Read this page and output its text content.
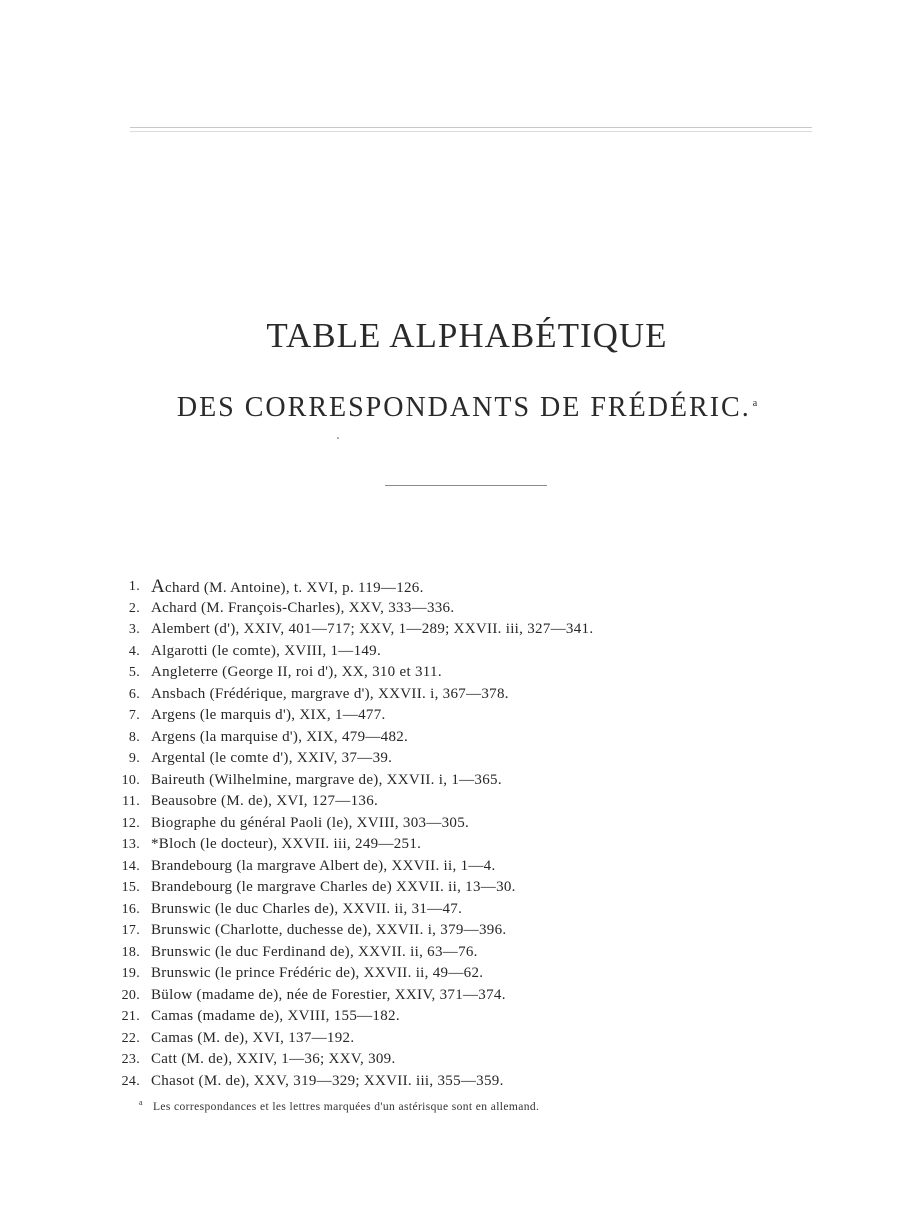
TABLE ALPHABÉTIQUE
DES CORRESPONDANTS DE FRÉDÉRIC. $^a$
1. Achard (M. Antoine), t. XVI, p. 119—126.
2. Achard (M. François-Charles), XXV, 333—336.
3. Alembert (d'), XXIV, 401—717; XXV, 1—289; XXVII. iii, 327—341.
4. Algarotti (le comte), XVIII, 1—149.
5. Angleterre (George II, roi d'), XX, 310 et 311.
6. Ansbach (Frédérique, margrave d'), XXVII. i, 367—378.
7. Argens (le marquis d'), XIX, 1—477.
8. Argens (la marquise d'), XIX, 479—482.
9. Argental (le comte d'), XXIV, 37—39.
10. Baireuth (Wilhelmine, margrave de), XXVII. i, 1—365.
11. Beausobre (M. de), XVI, 127—136.
12. Biographe du général Paoli (le), XVIII, 303—305.
13. *Bloch (le docteur), XXVII. iii, 249—251.
14. Brandebourg (la margrave Albert de), XXVII. ii, 1—4.
15. Brandebourg (le margrave Charles de) XXVII. ii, 13—30.
16. Brunswic (le duc Charles de), XXVII. ii, 31—47.
17. Brunswic (Charlotte, duchesse de), XXVII. i, 379—396.
18. Brunswic (le duc Ferdinand de), XXVII. ii, 63—76.
19. Brunswic (le prince Frédéric de), XXVII. ii, 49—62.
20. Bülow (madame de), née de Forestier, XXIV, 371—374.
21. Camas (madame de), XVIII, 155—182.
22. Camas (M. de), XVI, 137—192.
23. Catt (M. de), XXIV, 1—36; XXV, 309.
24. Chasot (M. de), XXV, 319—329; XXVII. iii, 355—359.

$^a$ Les correspondances et les lettres marquées d'un astérisque sont en allemand.
